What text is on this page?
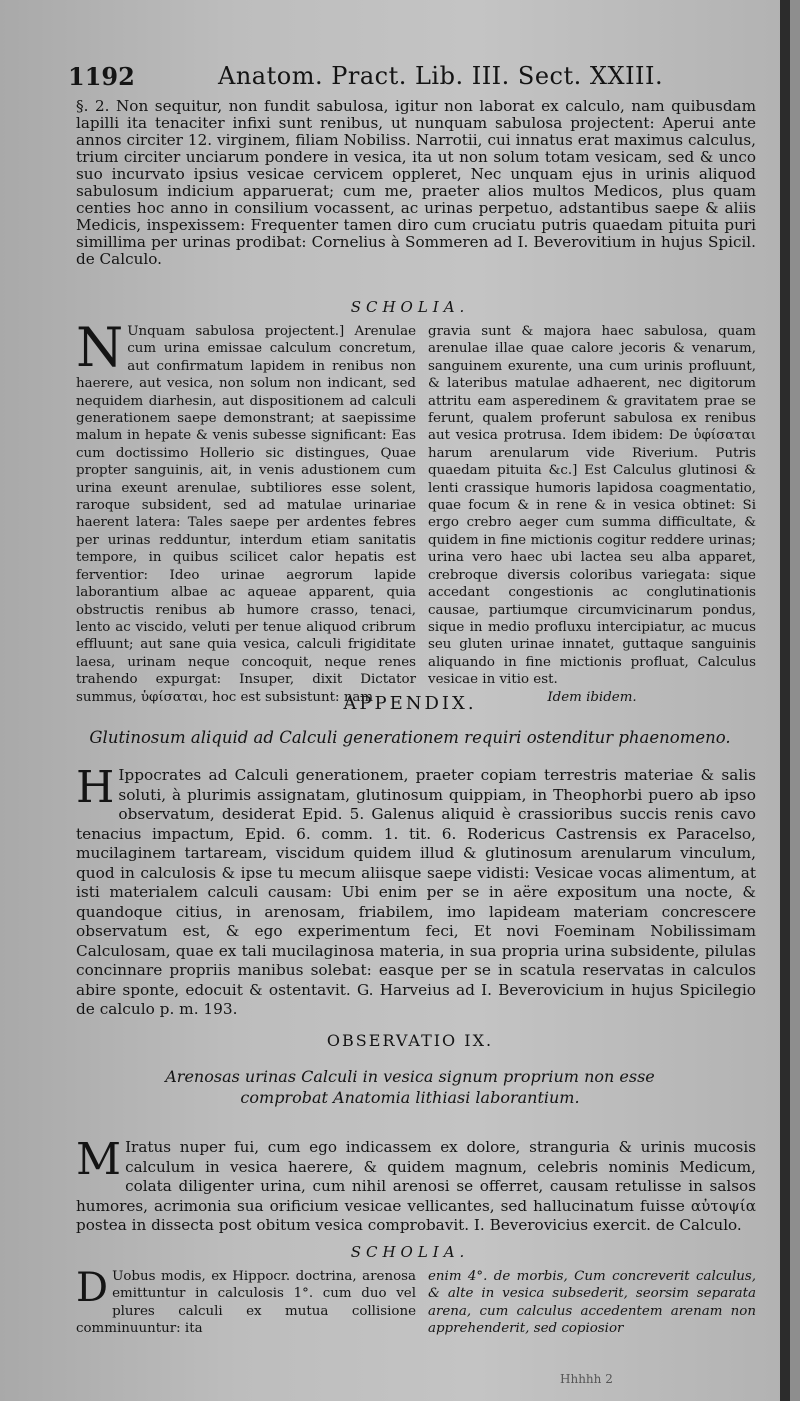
1192	Anatom. Pract. Lib. III. Sect. XXIII.
§. 2. Non sequitur, non fundit sabulosa, igitur non laborat ex calculo, nam quibusdam lapilli ita tenaciter infixi sunt renibus, ut nunquam sabulosa projectent: Aperui ante annos circiter 12. virginem, filiam Nobiliss. Narrotii, cui innatus erat maximus calculus, trium circiter unciarum pondere in vesica, ita ut non solum totam vesicam, sed & unco suo incurvato ipsius vesicae cervicem oppleret, Nec unquam ejus in urinis aliquod sabulosum indicium apparuerat; cum me, praeter alios multos Medicos, plus quam centies hoc anno in consilium vocassent, ac urinas perpetuo, adstantibus saepe & aliis Medicis, inspexissem: Frequenter tamen diro cum cruciatu putris quaedam pituita puri simillima per urinas prodibat: Cornelius à Sommeren ad I. Beverovitium in hujus Spicil. de Calculo.
SCHOLIA.
N Unquam sabulosa projectent.] Arenulae cum urina emissae calculum concretum, aut confirmatum lapidem in renibus non haerere, aut vesica, non solum non indicant, sed nequidem diarhesin, aut dispositionem ad calculi generationem saepe demonstrant; at saepissime malum in hepate & venis subesse significant: Eas cum doctissimo Hollerio sic distingues, Quae propter sanguinis, ait, in venis adustionem cum urina exeunt arenulae, subtiliores esse solent, raroque subsident, sed ad matulae urinariae haerent latera: Tales saepe per ardentes febres per urinas redduntur, interdum etiam sanitatis tempore, in quibus scilicet calor hepatis est ferventior: Ideo urinae aegrorum lapide laborantium albae ac aqueae apparent, quia obstructis renibus ab humore crasso, tenaci, lento ac viscido, veluti per tenue aliquod cribrum effluunt; aut sane quia vesica, calculi frigiditate laesa, urinam neque concoquit, neque renes trahendo expurgat: Insuper, dixit Dictator summus, ὑφίσαται, hoc est subsistunt: nam
gravia sunt & majora haec sabulosa, quam arenulae illae quae calore jecoris & venarum, sanguinem exurente, una cum urinis profluunt, & lateribus matulae adhaerent, nec digitorum attritu eam asperedinem & gravitatem prae se ferunt, qualem proferunt sabulosa ex renibus aut vesica protrusa. Idem ibidem: De ὑφίσαται harum arenularum vide Riverium. Putris quaedam pituita &c.] Est Calculus glutinosi & lenti crassique humoris lapidosa coagmentatio, quae focum & in rene & in vesica obtinet: Si ergo crebro aeger cum summa difficultate, & quidem in fine mictionis cogitur reddere urinas; urina vero haec ubi lactea seu alba apparet, crebroque diversis coloribus variegata: sique accedant congestionis ac conglutinationis causae, partiumque circumvicinarum pondus, sique in medio profluxu intercipiatur, ac mucus seu gluten urinae innatet, guttaque sanguinis aliquando in fine mictionis profluat, Calculus vesicae in vitio est.
Idem ibidem.
APPENDIX.
Glutinosum aliquid ad Calculi generationem requiri ostenditur phaenomeno.
H Ippocrates ad Calculi generationem, praeter copiam terrestris materiae & salis soluti, à plurimis assignatam, glutinosum quippiam, in Theophorbi puero ab ipso observatum, desiderat Epid. 5. Galenus aliquid è crassioribus succis renis cavo tenacius impactum, Epid. 6. comm. 1. tit. 6. Rodericus Castrensis ex Paracelso, mucilaginem tartaream, viscidum quidem illud & glutinosum arenularum vinculum, quod in calculosis & ipse tu mecum aliisque saepe vidisti: Vesicae vocas alimentum, at isti materialem calculi causam: Ubi enim per se in aëre expositum una nocte, & quandoque citius, in arenosam, friabilem, imo lapideam materiam concrescere observatum est, & ego experimentum feci, Et novi Foeminam Nobilissimam Calculosam, quae ex tali mucilaginosa materia, in sua propria urina subsidente, pilulas concinnare propriis manibus solebat: easque per se in scatula reservatas in calculos abire sponte, edocuit & ostentavit. G. Harveius ad I. Beverovicium in hujus Spicilegio de calculo p. m. 193.
OBSERVATIO IX.
Arenosas urinas Calculi in vesica signum proprium non esse comprobat Anatomia lithiasi laborantium.
M Iratus nuper fui, cum ego indicassem ex dolore, stranguria & urinis mucosis calculum in vesica haerere, & quidem magnum, celebris nominis Medicum, colata diligenter urina, cum nihil arenosi se offerret, causam retulisse in salsos humores, acrimonia sua orificium vesicae vellicantes, sed hallucinatum fuisse αὐτοψία postea in dissecta post obitum vesica comprobavit. I. Beverovicius exercit. de Calculo.
SCHOLIA.
D Uobus modis, ex Hippocr. doctrina, arenosa emittuntur in calculosis 1°. cum duo vel plures calculi ex mutua collisione comminuuntur: ita
enim 4°. de morbis, Cum concreverit calculus, & alte in vesica subsederit, seorsim separata arena, cum calculus accedentem arenam non apprehenderit, sed copiosior
Hhhhh 2
